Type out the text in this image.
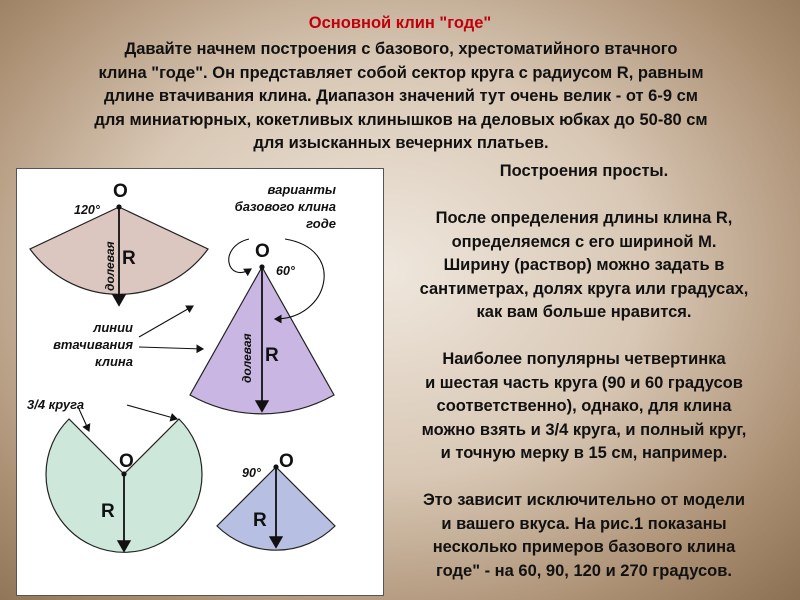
Основной клин "годе"
Давайте начнем построения с базового, хрестоматийного втачного
клина "годе". Он представляет собой сектор круга с радиусом R, равным
длине втачивания клина. Диапазон значений тут очень велик - от 6-9 см
для миниатюрных, кокетливых клинышков на деловых юбках до 50-80 см
для изысканных вечерних платьев.
O
120°
R
долевая
варианты
базового клина
годе
O
60°
R
долевая
линии
втачивания
клина
3/4 круга
O
R
O
90°
R
Построения просты.
После определения длины клина R,
определяемся с его шириной М.
Ширину (раствор) можно задать в
сантиметрах, долях круга или градусах,
как вам больше нравится.
Наиболее популярны четвертинка
и шестая часть круга (90 и 60 градусов
соответственно), однако, для клина
можно взять и 3/4 круга, и полный круг,
и точную мерку в 15 см, например.
Это зависит исключительно от модели
и вашего вкуса. На рис.1 показаны
несколько примеров базового клина
годе" - на 60, 90, 120 и 270 градусов.
